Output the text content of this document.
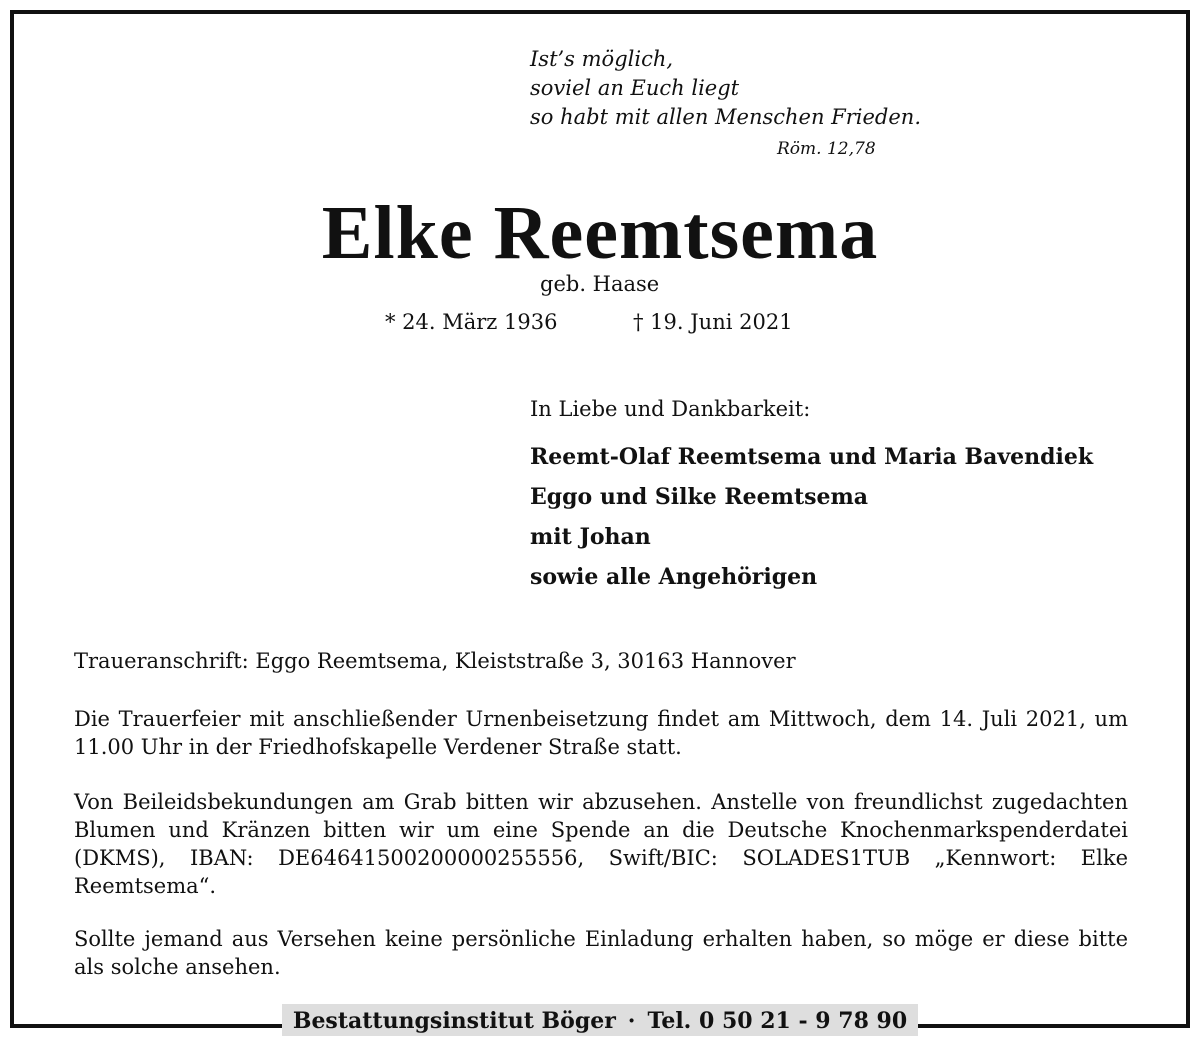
Ist’s möglich,
soviel an Euch liegt
so habt mit allen Menschen Frieden.
Röm. 12,78
Elke Reemtsema
geb. Haase
* 24. März 1936	† 19. Juni 2021
In Liebe und Dankbarkeit:
Reemt-Olaf Reemtsema und Maria Bavendiek
Eggo und Silke Reemtsema
mit Johan
sowie alle Angehörigen
Traueranschrift: Eggo Reemtsema, Kleiststraße 3, 30163 Hannover
Die Trauerfeier mit anschließender Urnenbeisetzung findet am Mittwoch, dem 14. Juli 2021, um 11.00 Uhr in der Friedhofskapelle Verdener Straße statt.
Von Beileidsbekundungen am Grab bitten wir abzusehen. Anstelle von freundlichst zugedachten Blumen und Kränzen bitten wir um eine Spende an die Deutsche Knochenmarkspenderdatei (DKMS), IBAN: DE64641500200000255556, Swift/BIC: SOLADES1TUB „Kennwort: Elke Reemtsema“.
Sollte jemand aus Versehen keine persönliche Einladung erhalten haben, so möge er diese bitte als solche ansehen.
Bestattungsinstitut Böger · Tel. 0 50 21 - 9 78 90
